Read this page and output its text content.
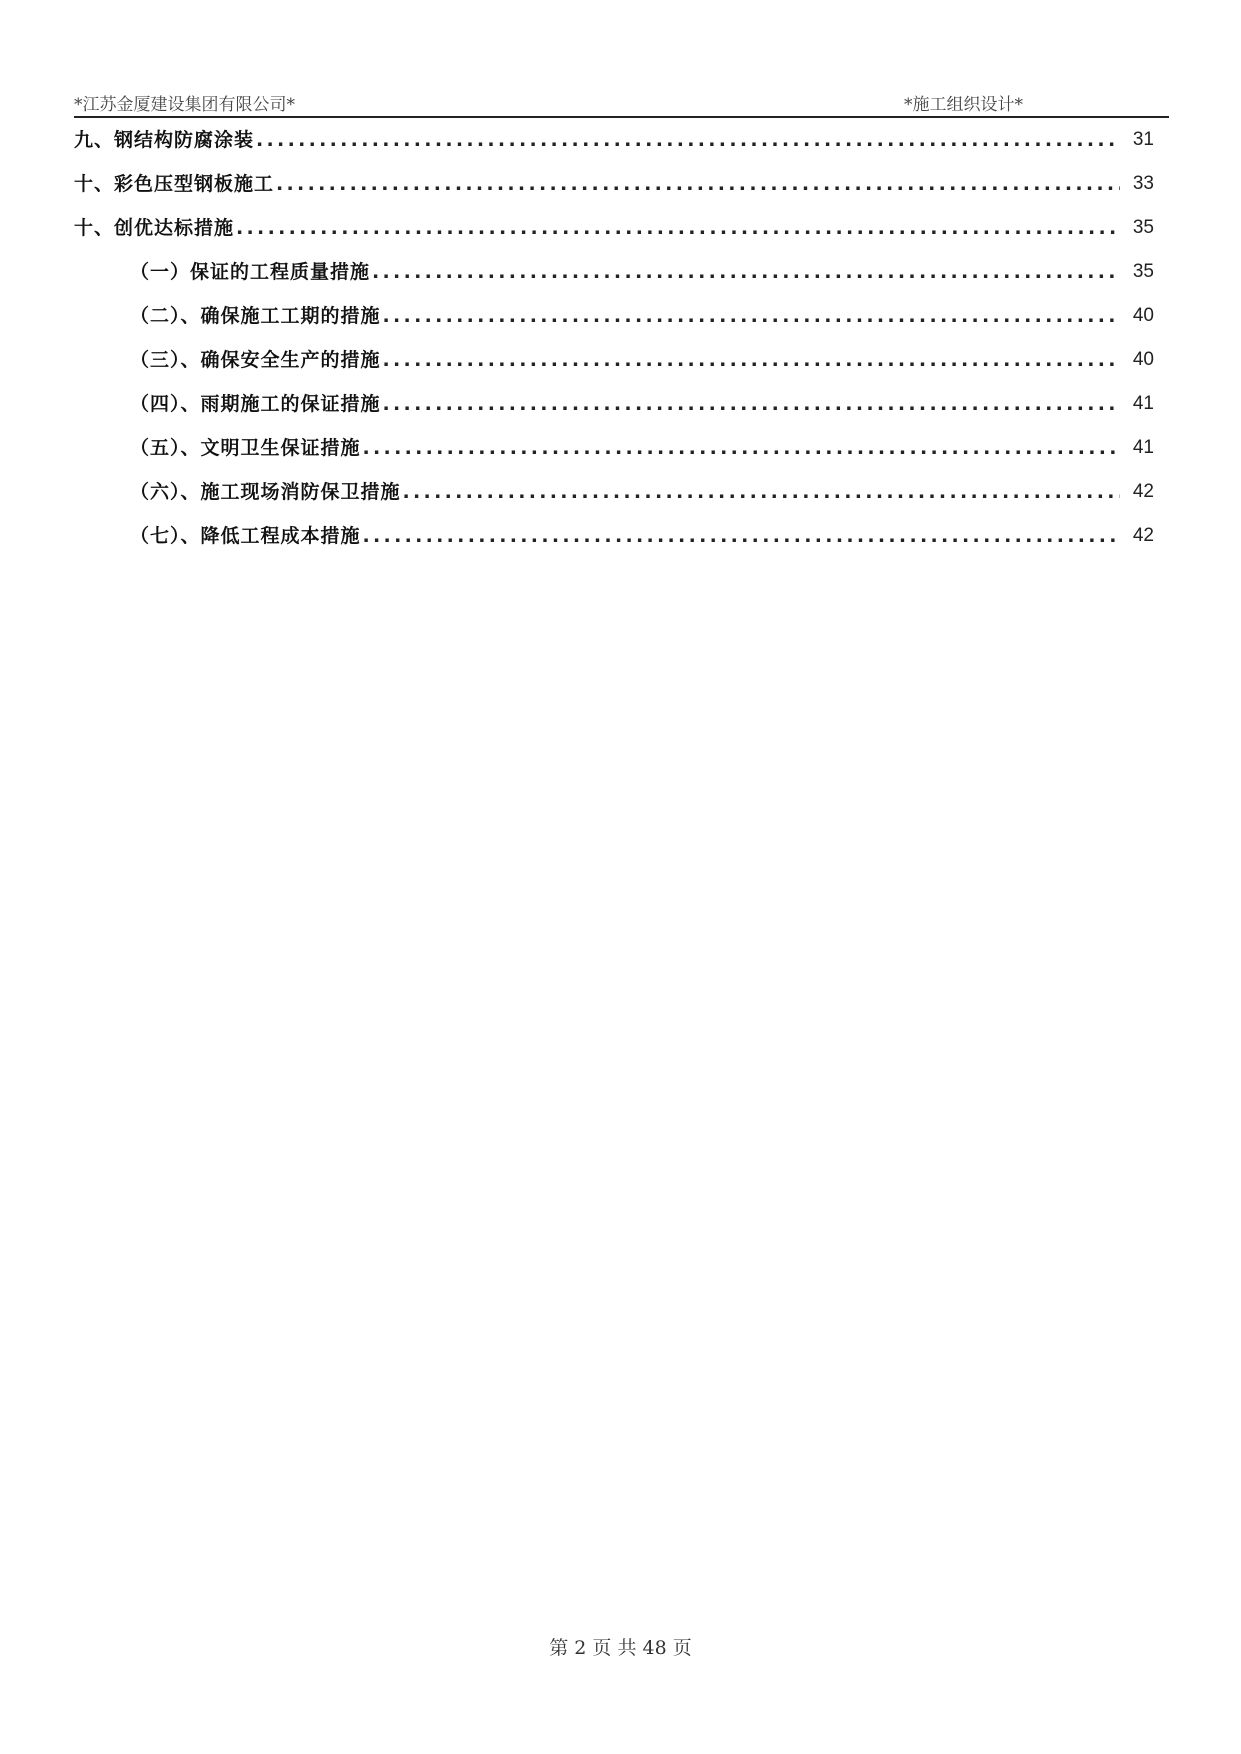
*江苏金厦建设集团有限公司*	*施工组织设计*
九、钢结构防腐涂装 .....	31
十、彩色压型钢板施工 .....	33
十、创优达标措施 .....	35
（一）保证的工程质量措施 .....	35
（二）、确保施工工期的措施 .....	40
（三）、确保安全生产的措施 .....	40
（四）、雨期施工的保证措施 .....	41
（五）、文明卫生保证措施 .....	41
（六）、施工现场消防保卫措施 .....	42
（七）、降低工程成本措施 .....	42
第 2 页 共 48 页
